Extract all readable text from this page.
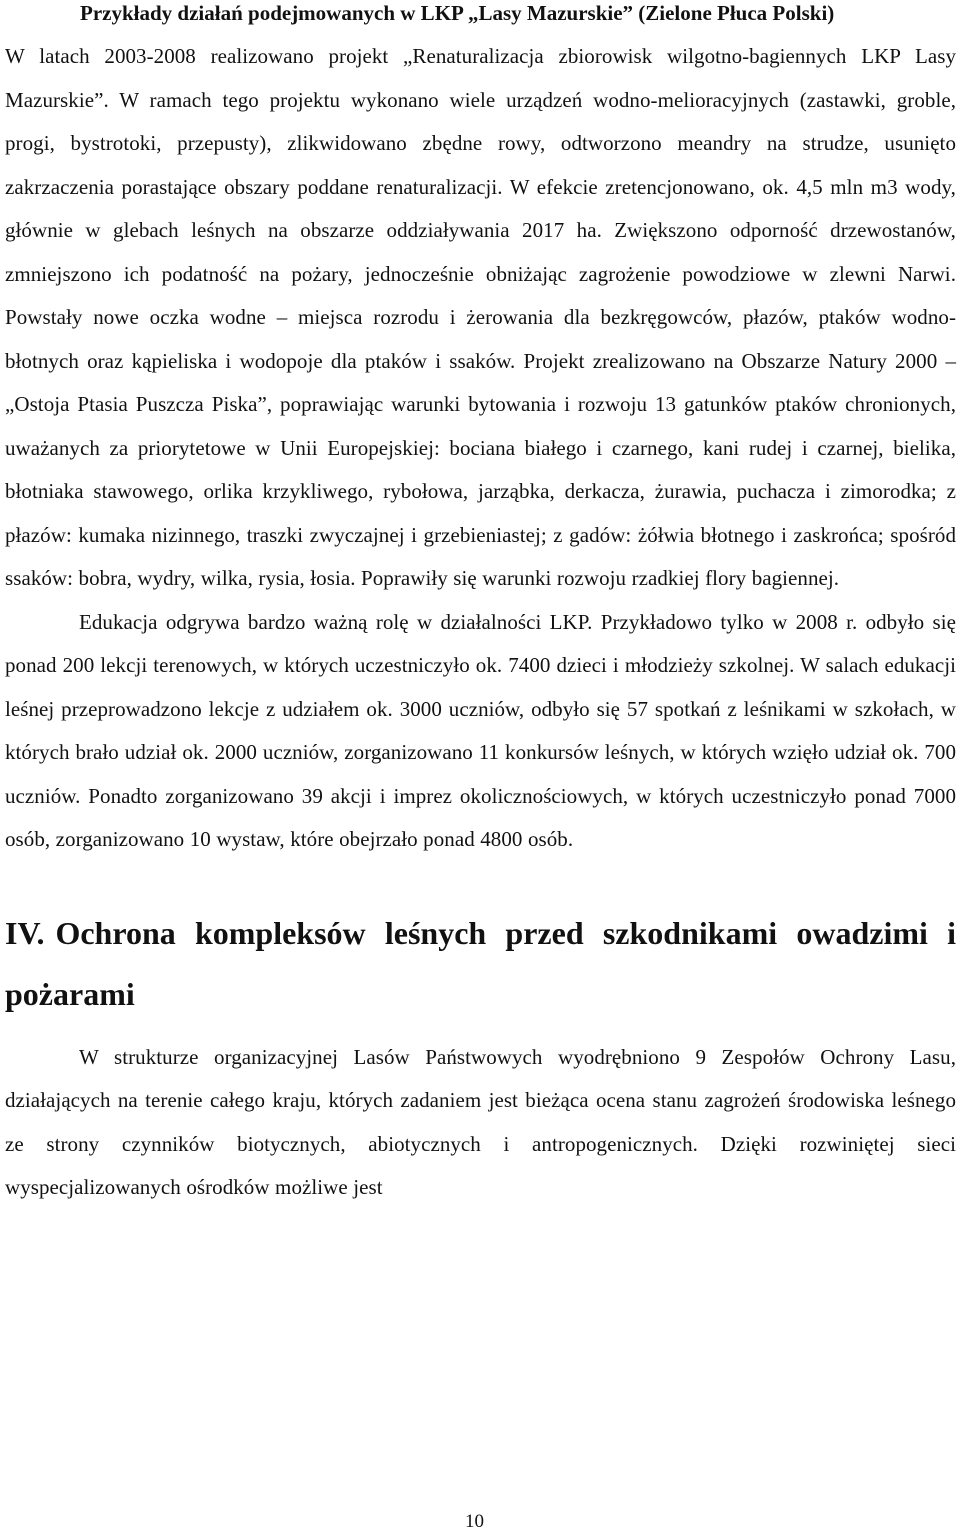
Przykłady działań podejmowanych w LKP „Lasy Mazurskie” (Zielone Płuca Polski)

W latach 2003-2008 realizowano projekt „Renaturalizacja zbiorowisk wilgotno-bagiennych LKP Lasy Mazurskie”. W ramach tego projektu wykonano wiele urządzeń wodno-melioracyjnych (zastawki, groble, progi, bystrotoki, przepusty), zlikwidowano zbędne rowy, odtworzono meandry na strudze, usunięto zakrzaczenia porastające obszary poddane renaturalizacji. W efekcie zretencjonowano, ok. 4,5 mln m3 wody, głównie w glebach leśnych na obszarze oddziaływania 2017 ha. Zwiększono odporność drzewostanów, zmniejszono ich podatność na pożary, jednocześnie obniżając zagrożenie powodziowe w zlewni Narwi. Powstały nowe oczka wodne – miejsca rozrodu i żerowania dla bezkręgowców, płazów, ptaków wodno-błotnych oraz kąpieliska i wodopoje dla ptaków i ssaków. Projekt zrealizowano na Obszarze Natury 2000 – „Ostoja Ptasia Puszcza Piska”, poprawiając warunki bytowania i rozwoju 13 gatunków ptaków chronionych, uważanych za priorytetowe w Unii Europejskiej: bociana białego i czarnego, kani rudej i czarnej, bielika, błotniaka stawowego, orlika krzykliwego, rybołowa, jarząbka, derkacza, żurawia, puchacza i zimorodka; z płazów: kumaka nizinnego, traszki zwyczajnej i grzebieniastej; z gadów: żółwia błotnego i zaskrońca; spośród ssaków: bobra, wydry, wilka, rysia, łosia. Poprawiły się warunki rozwoju rzadkiej flory bagiennej.

Edukacja odgrywa bardzo ważną rolę w działalności LKP. Przykładowo tylko w 2008 r. odbyło się ponad 200 lekcji terenowych, w których uczestniczyło ok. 7400 dzieci i młodzieży szkolnej. W salach edukacji leśnej przeprowadzono lekcje z udziałem ok. 3000 uczniów, odbyło się 57 spotkań z leśnikami w szkołach, w których brało udział ok. 2000 uczniów, zorganizowano 11 konkursów leśnych, w których wzięło udział ok. 700 uczniów. Ponadto zorganizowano 39 akcji i imprez okolicznościowych, w których uczestniczyło ponad 7000 osób, zorganizowano 10 wystaw, które obejrzało ponad 4800 osób.

IV. Ochrona kompleksów leśnych przed szkodnikami owadzimi i pożarami

W strukturze organizacyjnej Lasów Państwowych wyodrębniono 9 Zespołów Ochrony Lasu, działających na terenie całego kraju, których zadaniem jest bieżąca ocena stanu zagrożeń środowiska leśnego ze strony czynników biotycznych, abiotycznych i antropogenicznych. Dzięki rozwiniętej sieci wyspecjalizowanych ośrodków możliwe jest

10
